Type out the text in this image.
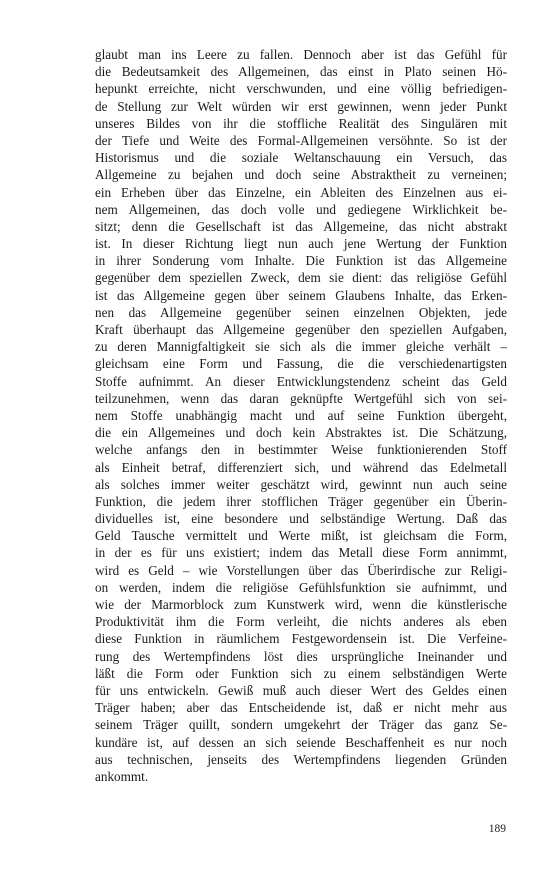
glaubt man ins Leere zu fallen. Dennoch aber ist das Gefühl für
die Bedeutsamkeit des Allgemeinen, das einst in Plato seinen Hö-
hepunkt erreichte, nicht verschwunden, und eine völlig befriedigen-
de Stellung zur Welt würden wir erst gewinnen, wenn jeder Punkt
unseres Bildes von ihr die stoffliche Realität des Singulären mit
der Tiefe und Weite des Formal-Allgemeinen versöhnte. So ist der
Historismus und die soziale Weltanschauung ein Versuch, das
Allgemeine zu bejahen und doch seine Abstraktheit zu verneinen;
ein Erheben über das Einzelne, ein Ableiten des Einzelnen aus ei-
nem Allgemeinen, das doch volle und gediegene Wirklichkeit be-
sitzt; denn die Gesellschaft ist das Allgemeine, das nicht abstrakt
ist. In dieser Richtung liegt nun auch jene Wertung der Funktion
in ihrer Sonderung vom Inhalte. Die Funktion ist das Allgemeine
gegenüber dem speziellen Zweck, dem sie dient: das religiöse Gefühl
ist das Allgemeine gegen über seinem Glaubens Inhalte, das Erken-
nen das Allgemeine gegenüber seinen einzelnen Objekten, jede
Kraft überhaupt das Allgemeine gegenüber den speziellen Aufgaben,
zu deren Mannigfaltigkeit sie sich als die immer gleiche verhält –
gleichsam eine Form und Fassung, die die verschiedenartigsten
Stoffe aufnimmt. An dieser Entwicklungstendenz scheint das Geld
teilzunehmen, wenn das daran geknüpfte Wertgefühl sich von sei-
nem Stoffe unabhängig macht und auf seine Funktion übergeht,
die ein Allgemeines und doch kein Abstraktes ist. Die Schätzung,
welche anfangs den in bestimmter Weise funktionierenden Stoff
als Einheit betraf, differenziert sich, und während das Edelmetall
als solches immer weiter geschätzt wird, gewinnt nun auch seine
Funktion, die jedem ihrer stofflichen Träger gegenüber ein Überin-
dividuelles ist, eine besondere und selbständige Wertung. Daß das
Geld Tausche vermittelt und Werte mißt, ist gleichsam die Form,
in der es für uns existiert; indem das Metall diese Form annimmt,
wird es Geld – wie Vorstellungen über das Überirdische zur Religi-
on werden, indem die religiöse Gefühlsfunktion sie aufnimmt, und
wie der Marmorblock zum Kunstwerk wird, wenn die künstlerische
Produktivität ihm die Form verleiht, die nichts anderes als eben
diese Funktion in räumlichem Festgewordensein ist. Die Verfeine-
rung des Wertempfindens löst dies ursprüngliche Ineinander und
läßt die Form oder Funktion sich zu einem selbständigen Werte
für uns entwickeln. Gewiß muß auch dieser Wert des Geldes einen
Träger haben; aber das Entscheidende ist, daß er nicht mehr aus
seinem Träger quillt, sondern umgekehrt der Träger das ganz Se-
kundäre ist, auf dessen an sich seiende Beschaffenheit es nur noch
aus technischen, jenseits des Wertempfindens liegenden Gründen
ankommt.
189
